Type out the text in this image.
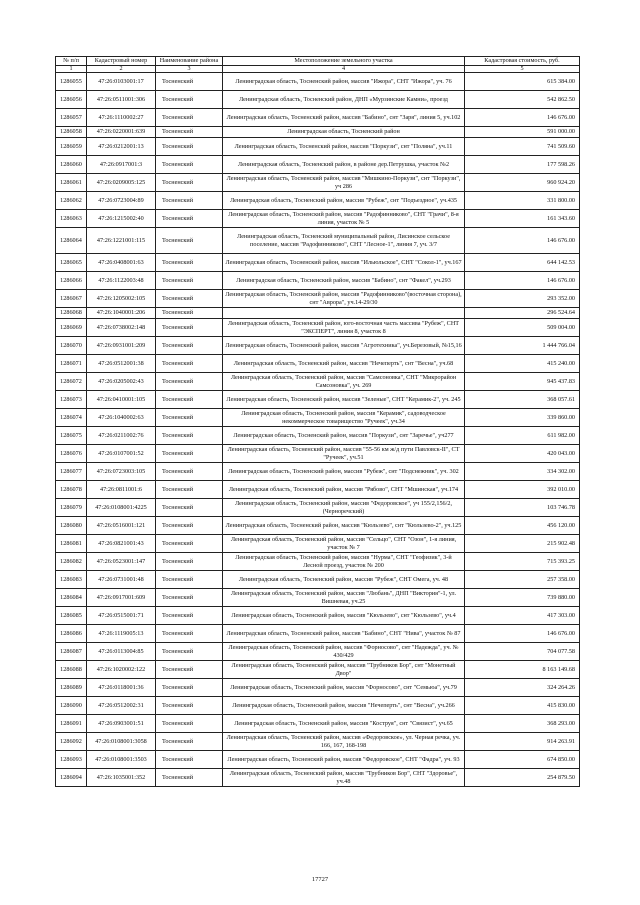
№ п/п	Кадастровый номер	Наименование района	Местоположение земельного участка	Кадастровая стоимость, руб.
1	2	3	4	5
1286055	47:26:0103001:17	Тосненский	Ленинградская область, Тосненский район, массив "Ижора", СНТ "Ижора", уч. 76	615 384.00
1286056	47:26:0511001:306	Тосненский	Ленинградская область, Тосненский район, ДНП «Мурзинские Камни», проезд	542 862.50
1286057	47:26:1110002:27	Тосненский	Ленинградская область, Тосненский район, массив "Бабино", снт "Заря", линия 5, уч.102	146 676.00
1286058	47:26:0220001:639	Тосненский	Ленинградская область, Тосненский район	591 000.00
1286059	47:26:0212001:13	Тосненский	Ленинградская область, Тосненский район, массив "Поркузи", снт "Поляна", уч.11	741 509.60
1286060	47:26:0917001:3	Тосненский	Ленинградская область, Тосненский район, в районе дер.Петрушка, участок №2	177 598.26
1286061	47:26:0209005:125	Тосненский	Ленинградская область, Тосненский район, массив "Мишкино-Поркузи", снт "Поркузи", уч 286	960 924.20
1286062	47:26:0723004:89	Тосненский	Ленинградская область, Тосненский район, массив "Рубеж", снт "Подъездное", уч.435	331 800.00
1286063	47:26:1215002:40	Тосненский	Ленинградская область, Тосненский район, массив "Радофинниково", СНТ "Грачи", 8-я линия, участок № 5	161 343.60
1286064	47:26:1221001:115	Тосненский	Ленинградская область, Тосненский муниципальный район, Лисинское сельское поселение, массив "Радофинниково", СНТ "Лесное-1", линия 7, уч. 3/7	146 676.00
1286065	47:26:0408001:63	Тосненский	Ленинградская область, Тосненский район, массив "Ильюльское", СНТ "Сокол-1", уч.167	644 142.53
1286066	47:26:1122003:48	Тосненский	Ленинградская область, Тосненский район, массив "Бабино", снт "Факел", уч.293	146 676.00
1286067	47:26:1205002:105	Тосненский	Ленинградская область, Тосненский район, массив "Радофинниково"(восточная сторона), снт "Аврора", уч.14-29/30	293 352.00
1286068	47:26:1040001:206	Тосненский		296 524.64
1286069	47:26:0738002:148	Тосненский	Ленинградская область, Тосненский район, юго-восточная часть массива "Рубеж", СНТ "ЭКСПЕРТ", линия 8, участок 8	509 004.00
1286070	47:26:0931001:209	Тосненский	Ленинградская область, Тосненский район, массив "Агротехника", уч.Березовый, №15,16	1 444 766.04
1286071	47:26:0512001:38	Тосненский	Ленинградская область, Тосненский район, массив "Нечеперть", снт "Весна", уч.68	415 240.00
1286072	47:26:0205002:43	Тосненский	Ленинградская область, Тосненский район, массив "Самсоновка", СНТ "Микрорайон Самсоновка", уч. 269	945 437.83
1286073	47:26:0410001:105	Тосненский	Ленинградская область, Тосненский район, массив "Зеленые", СНТ "Керамик-2", уч. 245	368 057.61
1286074	47:26:1040002:63	Тосненский	Ленинградская область, Тосненский район, массив "Керамик", садоводческое некоммерческое товарищество "Ручеек", уч.34	339 860.00
1286075	47:26:0211002:76	Тосненский	Ленинградская область, Тосненский район, массив "Поркузи", снт "Заречье", уч277	611 982.00
1286076	47:26:0107001:52	Тосненский	Ленинградская область, Тосненский район, массив "55-56 км ж/д пути Павловск-II", СТ "Ручеек", уч.51	420 043.00
1286077	47:26:0723003:105	Тосненский	Ленинградская область, Тосненский район, массив "Рубеж", снт "Подснежник", уч. 302	334 302.00
1286078	47:26:0811001:6	Тосненский	Ленинградская область, Тосненский район, массив "Рябово", СНТ "Мшинская", уч.174	392 010.00
1286079	47:26:0108001:4225	Тосненский	Ленинградская область, Тосненский район, массив "Федоровское", уч 155/2,156/2, (Черноречский)	103 746.78
1286080	47:26:0516001:121	Тосненский	Ленинградская область, Тосненский район, массив "Кюльзево", снт "Кюльзево-2", уч.125	456 120.00
1286081	47:26:0821001:43	Тосненский	Ленинградская область, Тосненский район, массив "Сельцо", СНТ "Озон", 1-я линия, участок № 7	215 902.48
1286082	47:26:0523001:147	Тосненский	Ленинградская область, Тосненский район, массив "Нурма", СНТ "Геофизик", 3-й Лесной проезд, участок № 200	715 393.25
1286083	47:26:0731001:48	Тосненский	Ленинградская область, Тосненский район, массив "Рубеж", СНТ Омега, уч. 48	257 358.00
1286084	47:26:0917001:609	Тосненский	Ленинградская область, Тосненский район, массив "Любань", ДНП "Виктория"-1, ул. Вишневая, уч.25	739 880.00
1286085	47:26:0515001:71	Тосненский	Ленинградская область, Тосненский район, массив "Кюльзево", снт "Кюльзево", уч.4	417 303.00
1286086	47:26:1119005:13	Тосненский	Ленинградская область, Тосненский район, массив "Бабино", СНТ "Нива", участок № 87	146 676.00
1286087	47:26:0113004:85	Тосненский	Ленинградская область, Тосненский район, массив "Форносово", снт "Надежда", уч. № 430/429	704 077.58
1286088	47:26:1020002:122	Тосненский	Ленинградская область, Тосненский район, массив "Трубников Бор", снт "Монетный Двор"	8 163 149.68
1286089	47:26:0118001:36	Тосненский	Ленинградская область, Тосненский район, массив "Форносово", снт "Семьюа", уч.79	324 264.26
1286090	47:26:0512002:31	Тосненский	Ленинградская область, Тосненский район, массив "Нечеперть", снт "Весна", уч.266	415 830.00
1286091	47:26:0903001:51	Тосненский	Ленинградская область, Тосненский район, массив "Коструя", снт "Связист", уч.65	368 293.00
1286092	47:26:0108001:3058	Тосненский	Ленинградская область, Тосненский район, массив «Федоровское», ул. Черная речка, уч. 166, 167, 168-198	914 263.91
1286093	47:26:0108001:3503	Тосненский	Ленинградская область, Тосненский район, массив "Федоровское", СНТ "Фадра", уч. 93	674 850.00
1286094	47:26:1035001:352	Тосненский	Ленинградская область, Тосненский район, массив "Трубников Бор", СНТ "Здоровье", уч.48	254 879.50
17727
